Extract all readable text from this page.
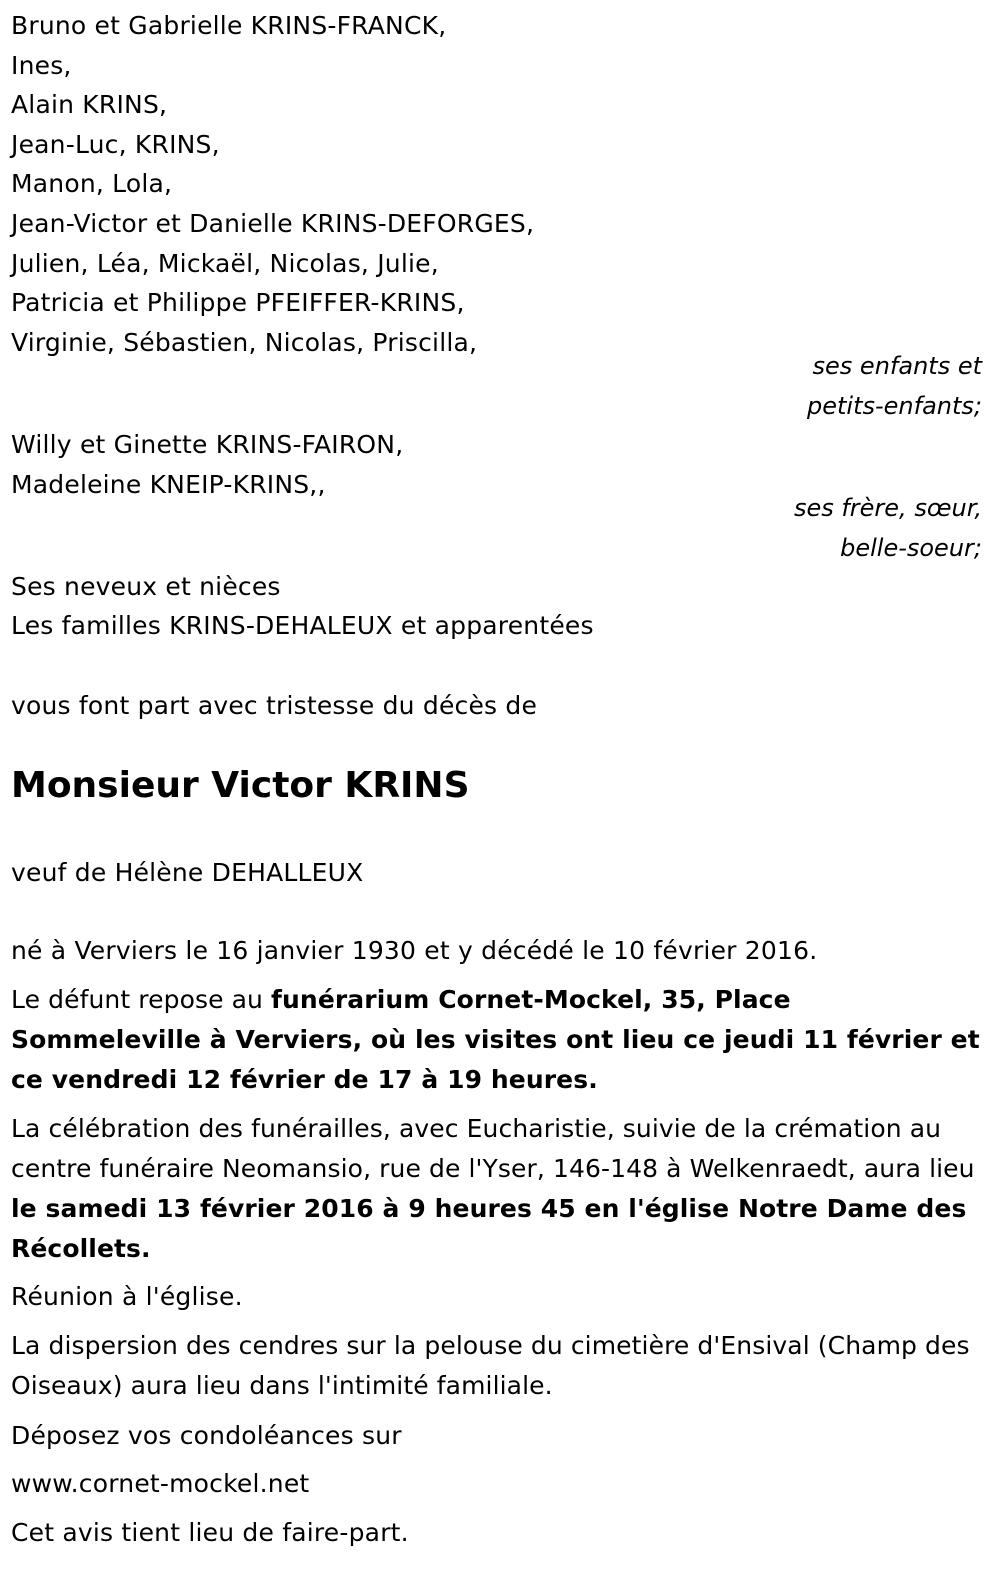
Bruno et Gabrielle KRINS-FRANCK,
Ines,
Alain KRINS,
Jean-Luc, KRINS,
Manon, Lola,
Jean-Victor et Danielle KRINS-DEFORGES,
Julien, Léa, Mickaël, Nicolas, Julie,
Patricia et Philippe PFEIFFER-KRINS,
Virginie, Sébastien, Nicolas, Priscilla,
ses enfants et
petits-enfants;
Willy et Ginette KRINS-FAIRON,
Madeleine KNEIP-KRINS,,
ses frère, sœur,
belle-soeur;
Ses neveux et nièces
Les familles KRINS-DEHALEUX et apparentées
vous font part avec tristesse du décès de
Monsieur Victor KRINS
veuf de Hélène DEHALLEUX
né à Verviers le 16 janvier 1930 et y décédé le 10 février 2016.
Le défunt repose au funérarium Cornet-Mockel, 35, Place Sommeleville à Verviers, où les visites ont lieu ce jeudi 11 février et ce vendredi 12 février de 17 à 19 heures.
La célébration des funérailles, avec Eucharistie, suivie de la crémation au centre funéraire Neomansio, rue de l'Yser, 146-148 à Welkenraedt, aura lieu le samedi 13 février 2016 à 9 heures 45 en l'église Notre Dame des Récollets.
Réunion à l'église.
La dispersion des cendres sur la pelouse du cimetière d'Ensival (Champ des Oiseaux) aura lieu dans l'intimité familiale.
Déposez vos condoléances sur
www.cornet-mockel.net
Cet avis tient lieu de faire-part.
